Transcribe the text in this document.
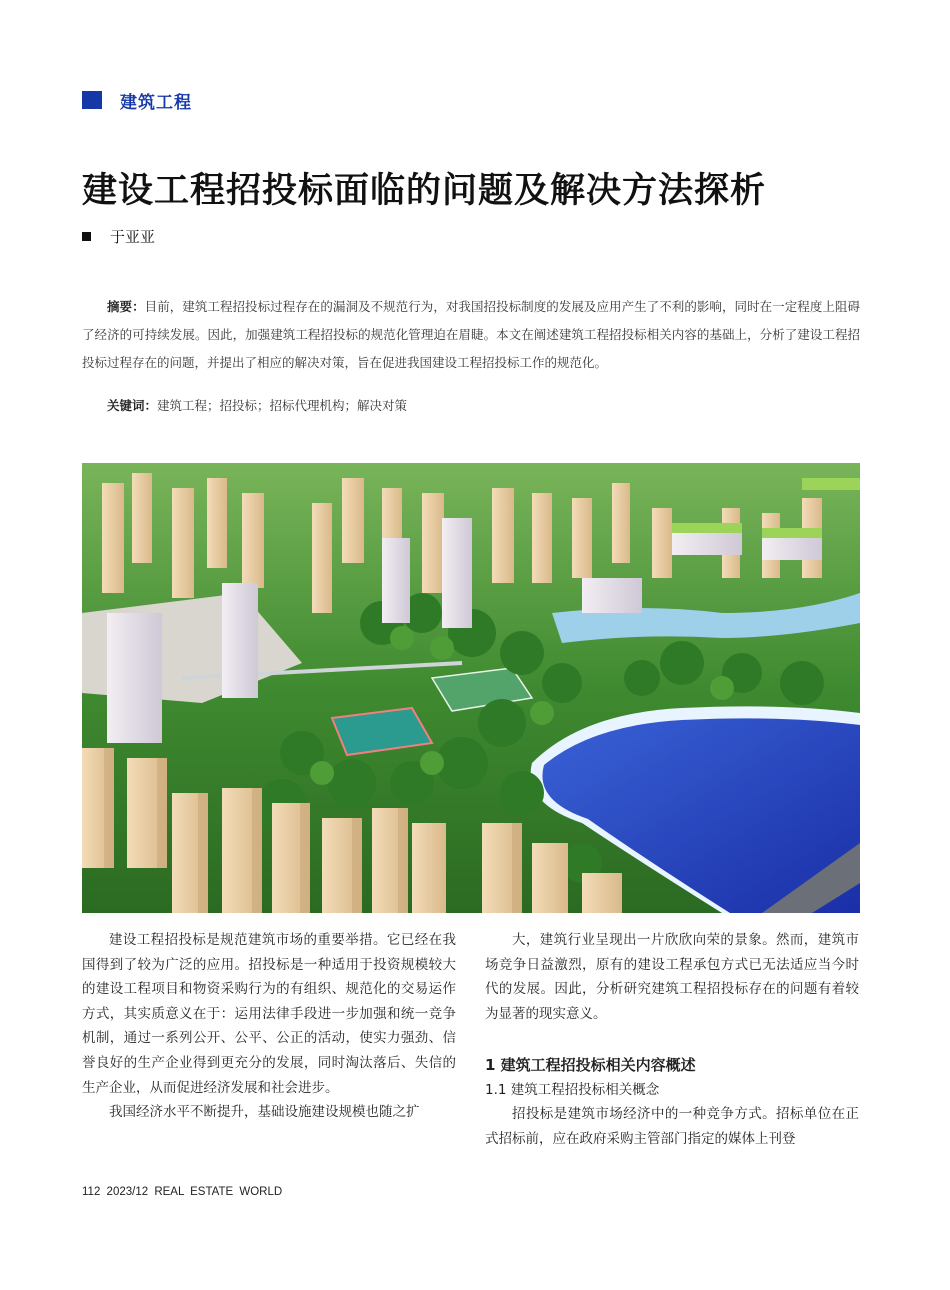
建筑工程
建设工程招投标面临的问题及解决方法探析
于亚亚

摘要：目前，建筑工程招投标过程存在的漏洞及不规范行为，对我国招投标制度的发展及应用产生了不利的影响，同时在一定程度上阻碍了经济的可持续发展。因此，加强建筑工程招投标的规范化管理迫在眉睫。本文在阐述建筑工程招投标相关内容的基础上，分析了建设工程招投标过程存在的问题，并提出了相应的解决对策，旨在促进我国建设工程招投标工作的规范化。

关键词：建筑工程；招投标；招标代理机构；解决对策

建设工程招投标是规范建筑市场的重要举措。它已经在我国得到了较为广泛的应用。招投标是一种适用于投资规模较大的建设工程项目和物资采购行为的有组织、规范化的交易运作方式，其实质意义在于：运用法律手段进一步加强和统一竞争机制，通过一系列公开、公平、公正的活动，使实力强劲、信誉良好的生产企业得到更充分的发展，同时淘汰落后、失信的生产企业，从而促进经济发展和社会进步。

我国经济水平不断提升，基础设施建设规模也随之扩

大，建筑行业呈现出一片欣欣向荣的景象。然而，建筑市场竞争日益激烈，原有的建设工程承包方式已无法适应当今时代的发展。因此，分析研究建筑工程招投标存在的问题有着较为显著的现实意义。

1 建筑工程招投标相关内容概述
1.1 建筑工程招投标相关概念

招投标是建筑市场经济中的一种竞争方式。招标单位在正式招标前，应在政府采购主管部门指定的媒体上刊登

112 2023/12 REAL ESTATE WORLD
